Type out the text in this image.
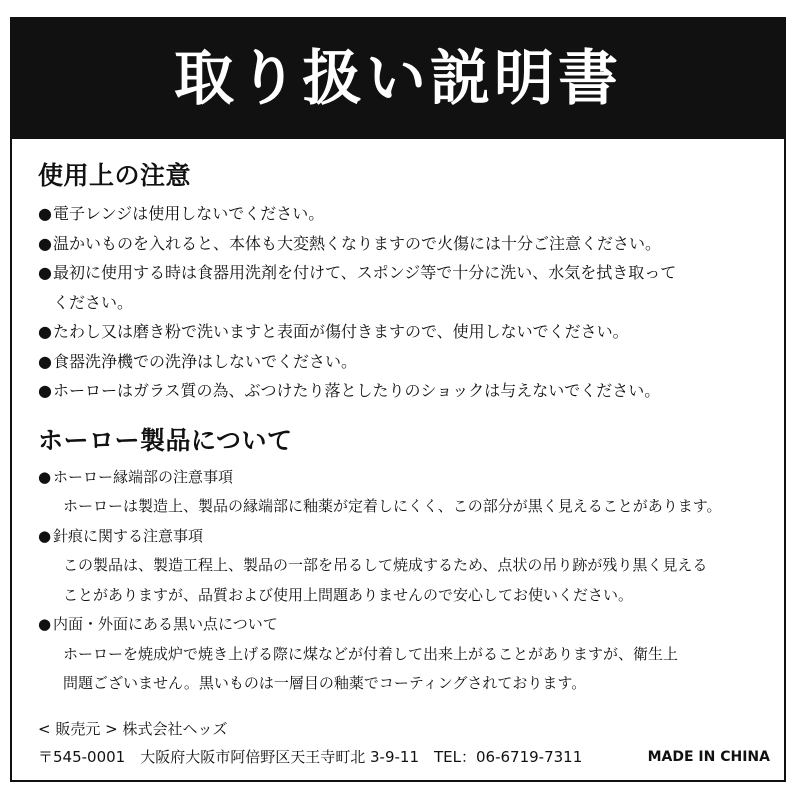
取り扱い説明書
使用上の注意
● 電子レンジは使用しないでください。
● 温かいものを入れると、本体も大変熱くなりますので火傷には十分ご注意ください。
● 最初に使用する時は食器用洗剤を付けて、スポンジ等で十分に洗い、水気を拭き取って
ください。
● たわし又は磨き粉で洗いますと表面が傷付きますので、使用しないでください。
● 食器洗浄機での洗浄はしないでください。
● ホーローはガラス質の為、ぶつけたり落としたりのショックは与えないでください。
ホーロー製品について
● ホーロー縁端部の注意事項
ホーローは製造上、製品の縁端部に釉薬が定着しにくく、この部分が黒く見えることがあります。
● 針痕に関する注意事項
この製品は、製造工程上、製品の一部を吊るして焼成するため、点状の吊り跡が残り黒く見える
ことがありますが、品質および使用上問題ありませんので安心してお使いください。
● 内面・外面にある黒い点について
ホーローを焼成炉で焼き上げる際に煤などが付着して出来上がることがありますが、衛生上
問題ございません。黒いものは一層目の釉薬でコーティングされております。
< 販売元 > 株式会社ヘッズ
〒545-0001　大阪府大阪市阿倍野区天王寺町北 3-9-11　TEL：06-6719-7311	MADE IN CHINA
